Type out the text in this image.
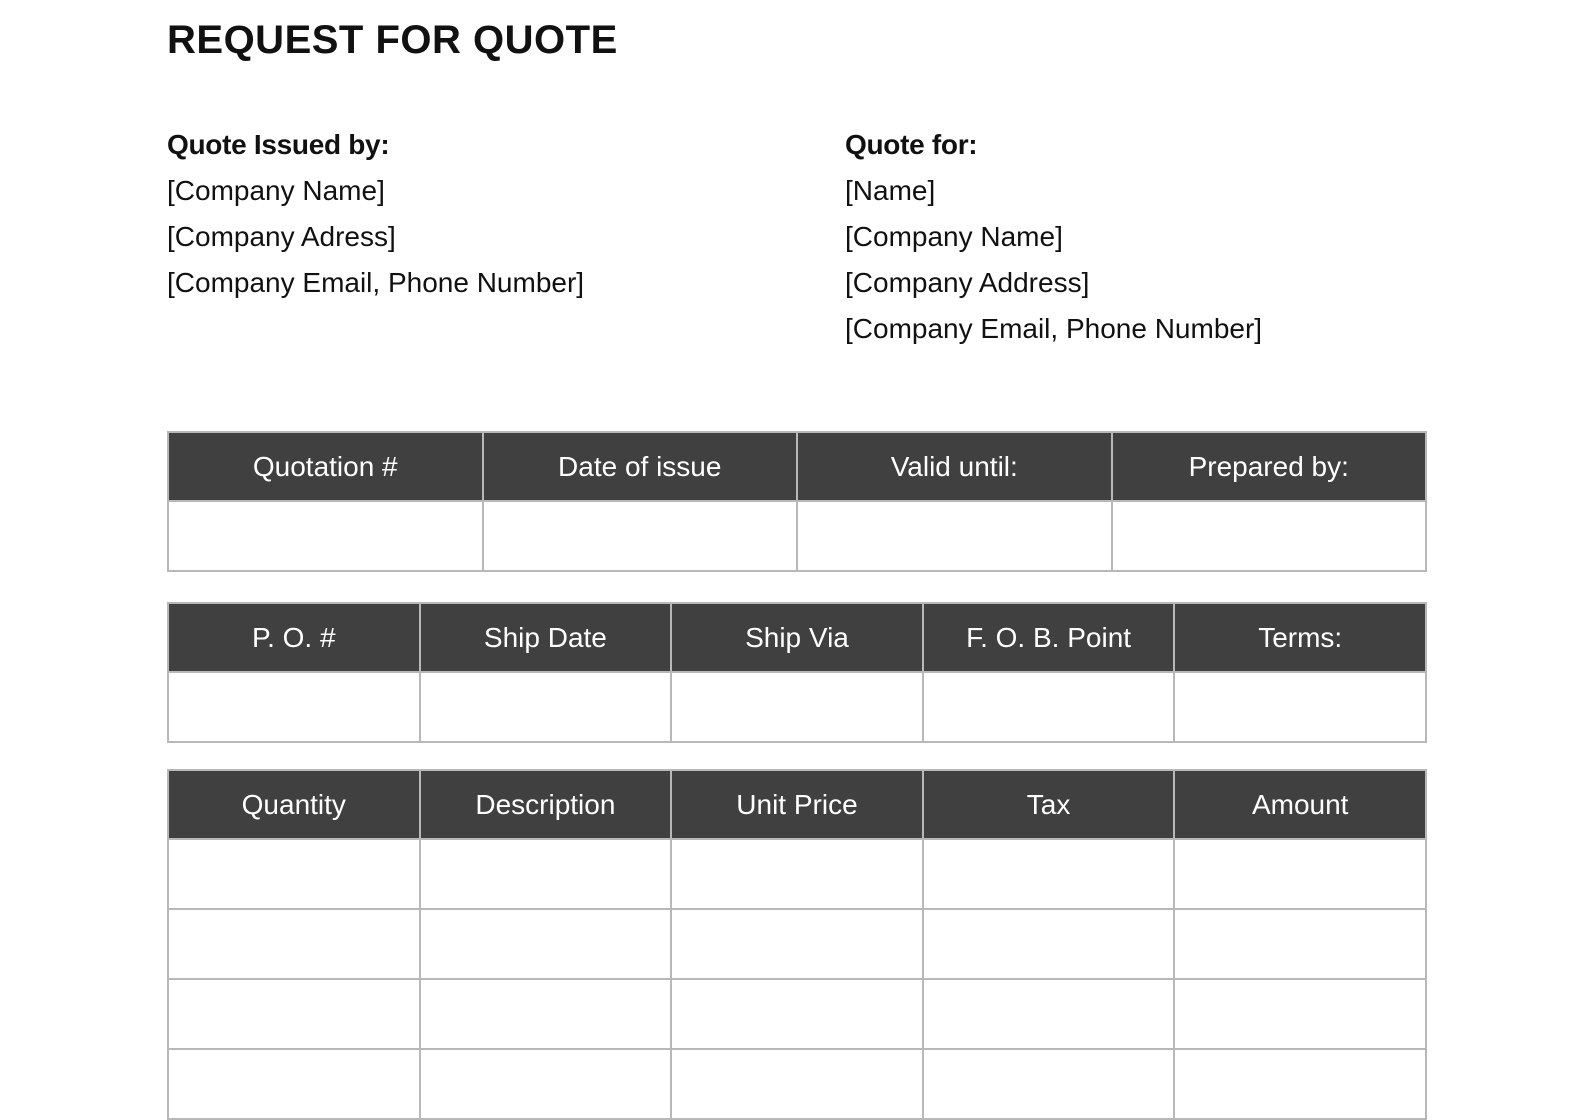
REQUEST FOR QUOTE

Quote Issued by:

[Company Name]

[Company Adress]

[Company Email, Phone Number]

Quote for:

[Name]

[Company Name]

[Company Address]

[Company Email, Phone Number]

Quotation #	Date of issue	Valid until:	Prepared by:

P. O. #	Ship Date	Ship Via	F. O. B. Point	Terms:

Quantity	Description	Unit Price	Tax	Amount
